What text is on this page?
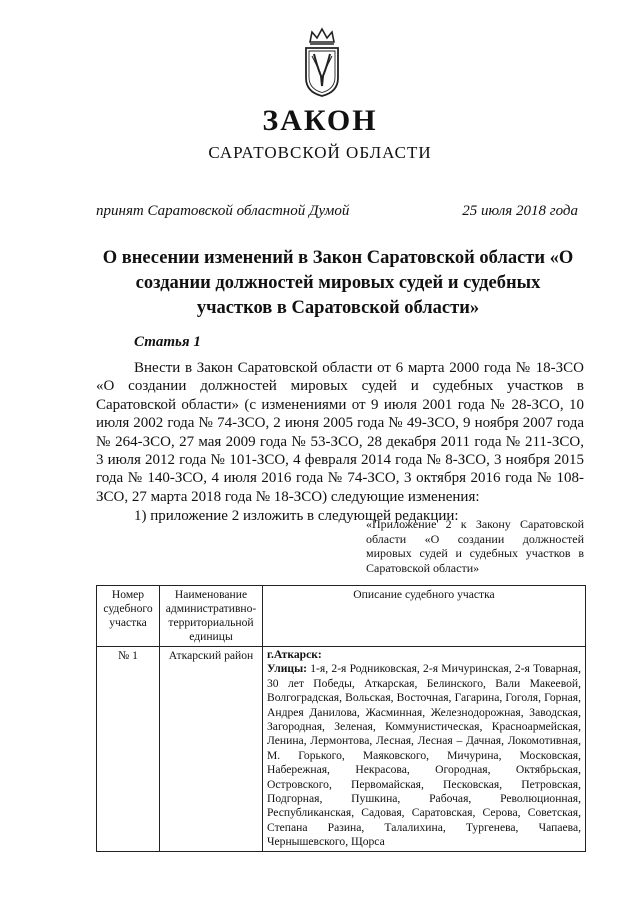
ЗАКОН
САРАТОВСКОЙ ОБЛАСТИ
принят Саратовской областной Думой	25 июля 2018 года
О внесении изменений в Закон Саратовской области «О создании должностей мировых судей и судебных участков в Саратовской области»
Статья 1
Внести в Закон Саратовской области от 6 марта 2000 года № 18-ЗСО «О создании должностей мировых судей и судебных участков в Саратовской области» (с изменениями от 9 июля 2001 года № 28-ЗСО, 10 июля 2002 года № 74-ЗСО, 2 июня 2005 года № 49-ЗСО, 9 ноября 2007 года № 264-ЗСО, 27 мая 2009 года № 53-ЗСО, 28 декабря 2011 года № 211-ЗСО, 3 июля 2012 года № 101-ЗСО, 4 февраля 2014 года № 8-ЗСО, 3 ноября 2015 года № 140-ЗСО, 4 июля 2016 года № 74-ЗСО, 3 октября 2016 года № 108-ЗСО, 27 марта 2018 года № 18-ЗСО) следующие изменения:
1) приложение 2 изложить в следующей редакции:
«Приложение 2 к Закону Саратовской области «О создании должностей мировых судей и судебных участков в Саратовской области»
Номер судебного участка	Наименование административно-территориальной единицы	Описание судебного участка
№ 1	Аткарский район	г.Аткарск:
Улицы: 1-я, 2-я Родниковская, 2-я Мичуринская, 2-я Товарная, 30 лет Победы, Аткарская, Белинского, Вали Макеевой, Волгоградская, Вольская, Восточная, Гагарина, Гоголя, Горная, Андрея Данилова, Жасминная, Железнодорожная, Заводская, Загородная, Зеленая, Коммунистическая, Красноармейская, Ленина, Лермонтова, Лесная, Лесная – Дачная, Локомотивная, М. Горького, Маяковского, Мичурина, Московская, Набережная, Некрасова, Огородная, Октябрьская, Островского, Первомайская, Песковская, Петровская, Подгорная, Пушкина, Рабочая, Революционная, Республиканская, Садовая, Саратовская, Серова, Советская, Степана Разина, Талалихина, Тургенева, Чапаева, Чернышевского, Щорса
